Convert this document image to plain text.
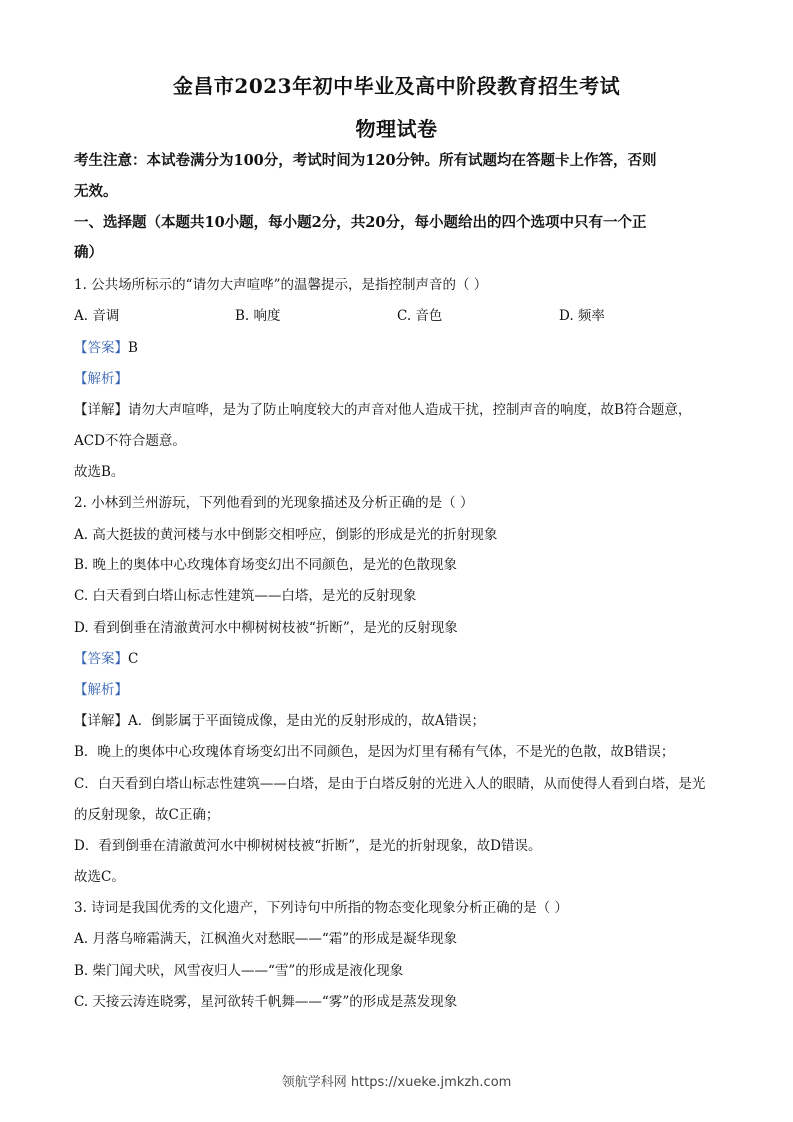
金昌市2023年初中毕业及高中阶段教育招生考试
物理试卷
考生注意：本试卷满分为100分，考试时间为120分钟。所有试题均在答题卡上作答，否则
无效。
一、选择题（本题共10小题，每小题2分，共20分，每小题给出的四个选项中只有一个正
确）
1. 公共场所标示的“请勿大声喧哗”的温馨提示，是指控制声音的（ ）
A. 音调	B. 响度	C. 音色	D. 频率
【答案】B
【解析】
【详解】请勿大声喧哗，是为了防止响度较大的声音对他人造成干扰，控制声音的响度，故B符合题意，
ACD不符合题意。
故选B。
2. 小林到兰州游玩，下列他看到的光现象描述及分析正确的是（ ）
A. 高大挺拔的黄河楼与水中倒影交相呼应，倒影的形成是光的折射现象
B. 晚上的奥体中心玫瑰体育场变幻出不同颜色，是光的色散现象
C. 白天看到白塔山标志性建筑——白塔，是光的反射现象
D. 看到倒垂在清澈黄河水中柳树树枝被“折断”，是光的反射现象
【答案】C
【解析】
【详解】A．倒影属于平面镜成像，是由光的反射形成的，故A错误；
B．晚上的奥体中心玫瑰体育场变幻出不同颜色，是因为灯里有稀有气体，不是光的色散，故B错误；
C．白天看到白塔山标志性建筑——白塔，是由于白塔反射的光进入人的眼睛，从而使得人看到白塔，是光
的反射现象，故C正确；
D．看到倒垂在清澈黄河水中柳树树枝被“折断”，是光的折射现象，故D错误。
故选C。
3. 诗词是我国优秀的文化遗产，下列诗句中所指的物态变化现象分析正确的是（ ）
A. 月落乌啼霜满天，江枫渔火对愁眠——“霜”的形成是凝华现象
B. 柴门闻犬吠，风雪夜归人——“雪”的形成是液化现象
C. 天接云涛连晓雾，星河欲转千帆舞——“雾”的形成是蒸发现象
领航学科网 https://xueke.jmkzh.com
